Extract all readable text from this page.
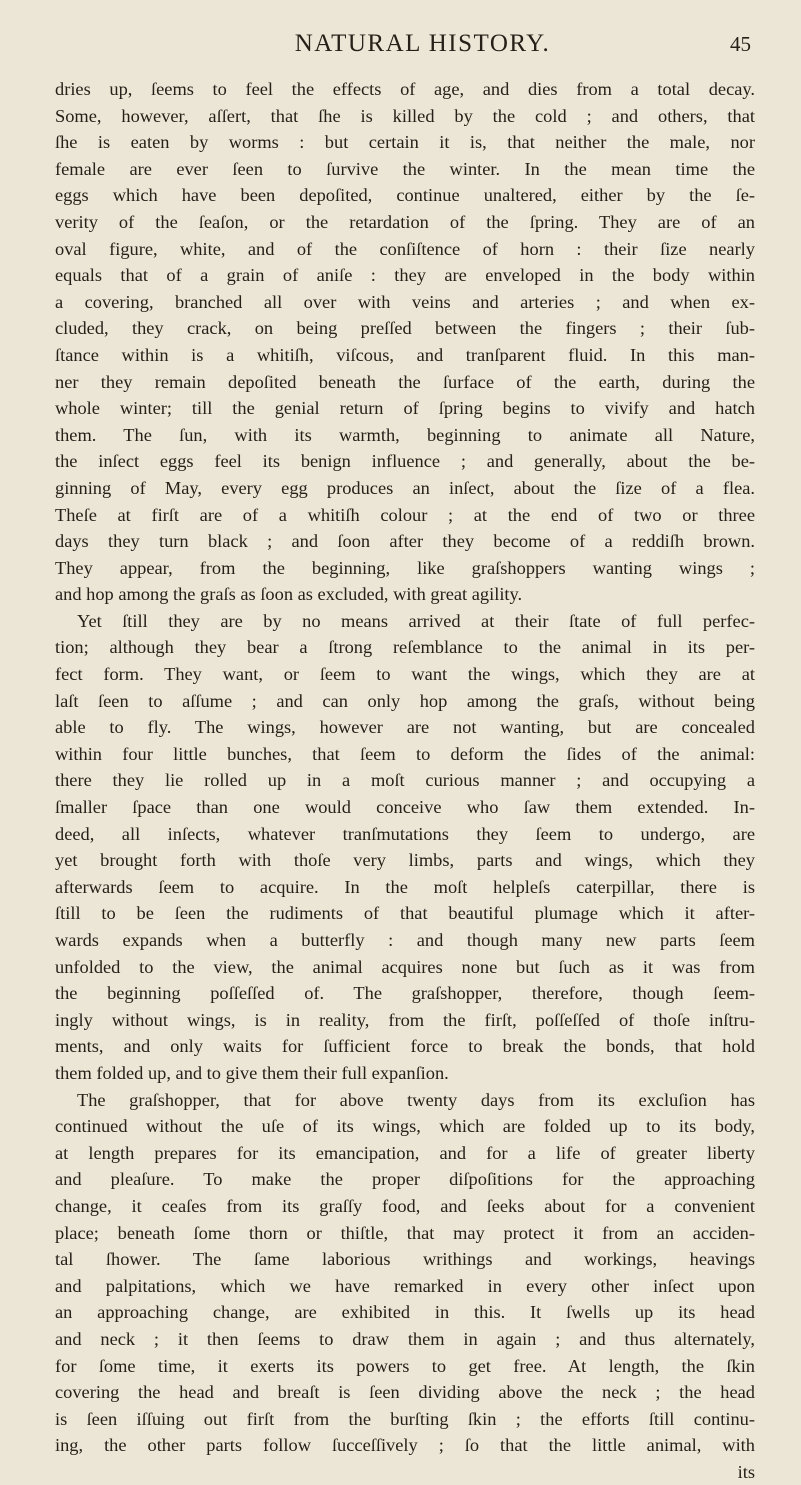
NATURAL HISTORY.	45
dries up, ſeems to feel the effects of age, and dies from a total decay.
Some, however, aſſert, that ſhe is killed by the cold ; and others, that
ſhe is eaten by worms : but certain it is, that neither the male, nor
female are ever ſeen to ſurvive the winter. In the mean time the
eggs which have been depoſited, continue unaltered, either by the ſe-
verity of the ſeaſon, or the retardation of the ſpring. They are of an
oval figure, white, and of the conſiſtence of horn : their ſize nearly
equals that of a grain of aniſe : they are enveloped in the body within
a covering, branched all over with veins and arteries ; and when ex-
cluded, they crack, on being preſſed between the fingers ; their ſub-
ſtance within is a whitiſh, viſcous, and tranſparent fluid. In this man-
ner they remain depoſited beneath the ſurface of the earth, during the
whole winter; till the genial return of ſpring begins to vivify and hatch
them. The ſun, with its warmth, beginning to animate all Nature,
the inſect eggs feel its benign influence ; and generally, about the be-
ginning of May, every egg produces an inſect, about the ſize of a flea.
Theſe at firſt are of a whitiſh colour ; at the end of two or three
days they turn black ; and ſoon after they become of a reddiſh brown.
They appear, from the beginning, like graſshoppers wanting wings ;
and hop among the graſs as ſoon as excluded, with great agility.
Yet ſtill they are by no means arrived at their ſtate of full perfec-
tion; although they bear a ſtrong reſemblance to the animal in its per-
fect form. They want, or ſeem to want the wings, which they are at
laſt ſeen to aſſume ; and can only hop among the graſs, without being
able to fly. The wings, however are not wanting, but are concealed
within four little bunches, that ſeem to deform the ſides of the animal:
there they lie rolled up in a moſt curious manner ; and occupying a
ſmaller ſpace than one would conceive who ſaw them extended. In-
deed, all inſects, whatever tranſmutations they ſeem to undergo, are
yet brought forth with thoſe very limbs, parts and wings, which they
afterwards ſeem to acquire. In the moſt helpleſs caterpillar, there is
ſtill to be ſeen the rudiments of that beautiful plumage which it after-
wards expands when a butterfly : and though many new parts ſeem
unfolded to the view, the animal acquires none but ſuch as it was from
the beginning poſſeſſed of. The graſshopper, therefore, though ſeem-
ingly without wings, is in reality, from the firſt, poſſeſſed of thoſe inſtru-
ments, and only waits for ſufficient force to break the bonds, that hold
them folded up, and to give them their full expanſion.
The graſshopper, that for above twenty days from its excluſion has
continued without the uſe of its wings, which are folded up to its body,
at length prepares for its emancipation, and for a life of greater liberty
and pleaſure. To make the proper diſpoſitions for the approaching
change, it ceaſes from its graſſy food, and ſeeks about for a convenient
place; beneath ſome thorn or thiſtle, that may protect it from an acciden-
tal ſhower. The ſame laborious writhings and workings, heavings
and palpitations, which we have remarked in every other inſect upon
an approaching change, are exhibited in this. It ſwells up its head
and neck ; it then ſeems to draw them in again ; and thus alternately,
for ſome time, it exerts its powers to get free. At length, the ſkin
covering the head and breaſt is ſeen dividing above the neck ; the head
is ſeen iſſuing out firſt from the burſting ſkin ; the efforts ſtill continu-
ing, the other parts follow ſucceſſively ; ſo that the little animal, with
its
